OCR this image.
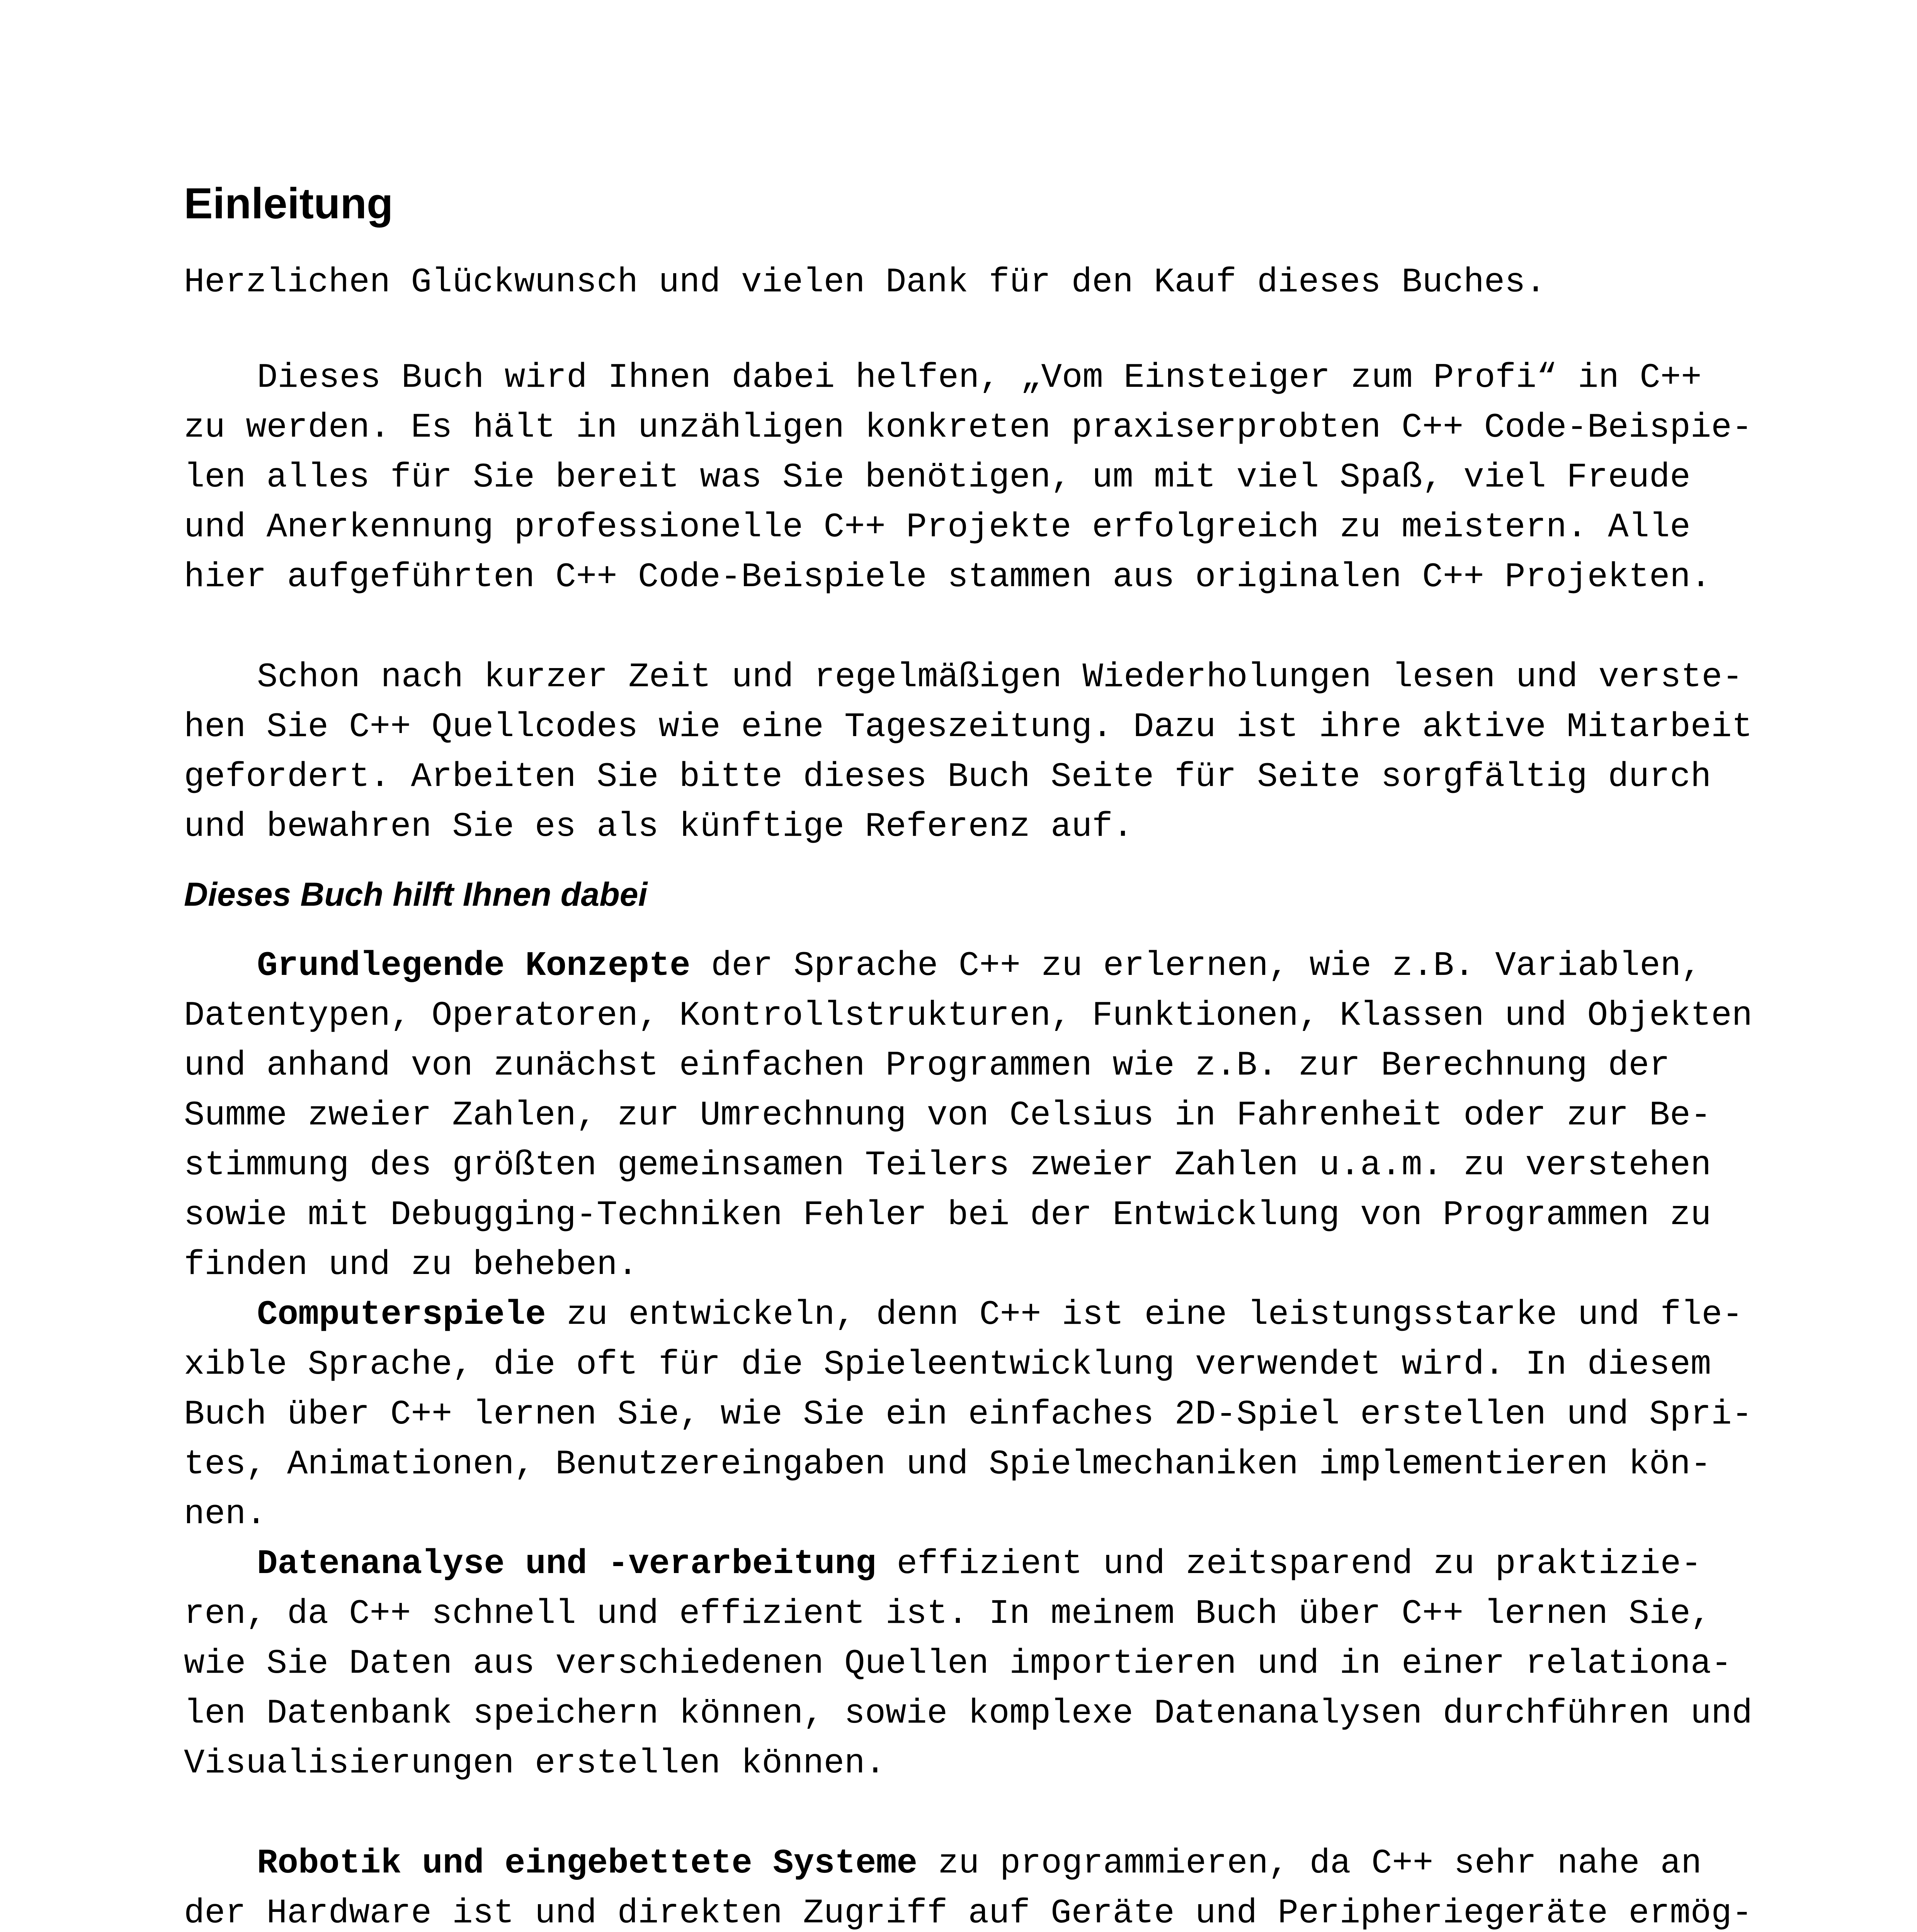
Einleitung
Herzlichen Glückwunsch und vielen Dank für den Kauf dieses Buches.
Dieses Buch wird Ihnen dabei helfen, „Vom Einsteiger zum Profi“ in C++
zu werden. Es hält in unzähligen konkreten praxiserprobten C++ Code-Beispie-
len alles für Sie bereit was Sie benötigen, um mit viel Spaß, viel Freude
und Anerkennung professionelle C++ Projekte erfolgreich zu meistern. Alle
hier aufgeführten C++ Code-Beispiele stammen aus originalen C++ Projekten.
Schon nach kurzer Zeit und regelmäßigen Wiederholungen lesen und verste-
hen Sie C++ Quellcodes wie eine Tageszeitung. Dazu ist ihre aktive Mitarbeit
gefordert. Arbeiten Sie bitte dieses Buch Seite für Seite sorgfältig durch
und bewahren Sie es als künftige Referenz auf.
Dieses Buch hilft Ihnen dabei
Grundlegende Konzepte der Sprache C++ zu erlernen, wie z.B. Variablen,
Datentypen, Operatoren, Kontrollstrukturen, Funktionen, Klassen und Objekten
und anhand von zunächst einfachen Programmen wie z.B. zur Berechnung der
Summe zweier Zahlen, zur Umrechnung von Celsius in Fahrenheit oder zur Be-
stimmung des größten gemeinsamen Teilers zweier Zahlen u.a.m. zu verstehen
sowie mit Debugging-Techniken Fehler bei der Entwicklung von Programmen zu
finden und zu beheben.
Computerspiele zu entwickeln, denn C++ ist eine leistungsstarke und fle-
xible Sprache, die oft für die Spieleentwicklung verwendet wird. In diesem
Buch über C++ lernen Sie, wie Sie ein einfaches 2D-Spiel erstellen und Spri-
tes, Animationen, Benutzereingaben und Spielmechaniken implementieren kön-
nen.
Datenanalyse und -verarbeitung effizient und zeitsparend zu praktizie-
ren, da C++ schnell und effizient ist. In meinem Buch über C++ lernen Sie,
wie Sie Daten aus verschiedenen Quellen importieren und in einer relationa-
len Datenbank speichern können, sowie komplexe Datenanalysen durchführen und
Visualisierungen erstellen können.
Robotik und eingebettete Systeme zu programmieren, da C++ sehr nahe an
der Hardware ist und direkten Zugriff auf Geräte und Peripheriegeräte ermög-
